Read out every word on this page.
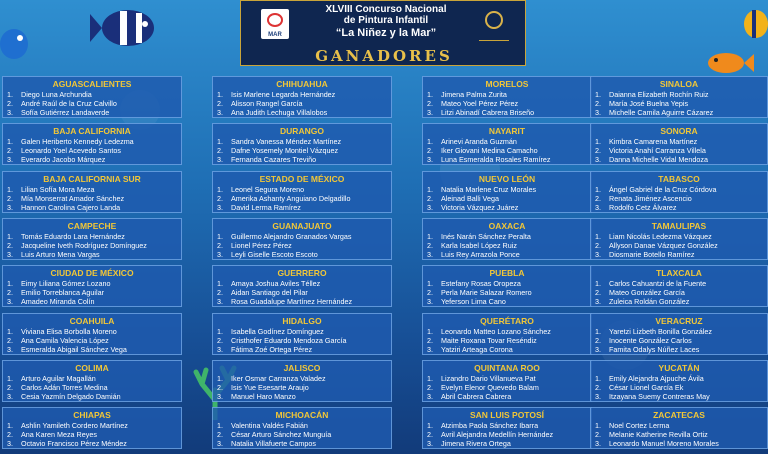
MAR
XLVIII Concurso Nacional
de Pintura Infantil
“La Niñez y la Mar”
GANADORES
AGUASCALIENTES
1. Diego Luna Archundia
2. André Raúl de la Cruz Calvillo
3. Sofía Gutiérrez Landaverde
BAJA CALIFORNIA
1. Galen Heriberto Kennedy Ledezma
2. Leonardo Yoel Acevedo Santos
3. Everardo Jacobo Márquez
BAJA CALIFORNIA SUR
1. Lilian Sofía Mora Meza
2. Mía Monserrat Amador Sánchez
3. Hannon Carolina Cajero Landa
CAMPECHE
1. Tomás Eduardo Lara Hernández
2. Jacqueline Iveth Rodríguez Domínguez
3. Luis Arturo Mena Vargas
CIUDAD DE MÉXICO
1. Eimy Liliana Gómez Lozano
2. Emilio Torreblanca Aguilar
3. Amadeo Miranda Colín
COAHUILA
1. Viviana Elisa Borbolla Moreno
2. Ana Camila Valencia López
3. Esmeralda Abigail Sánchez Vega
COLIMA
1. Arturo Aguilar Magallán
2. Carlos Adán Torres Medina
3. Cesia Yazmín Delgado Damián
CHIAPAS
1. Ashlin Yamileth Cordero Martínez
2. Ana Karen Meza Reyes
3. Octavio Francisco Pérez Méndez
CHIHUAHUA
1. Isis Marlene Legarda Hernández
2. Alisson Rangel García
3. Ana Judith Lechuga Villalobos
DURANGO
1. Sandra Vanessa Méndez Martínez
2. Dafne Yosemely Montiel Vázquez
3. Fernanda Cazares Treviño
ESTADO DE MÉXICO
1. Leonel Segura Moreno
2. Amerika Ashanty Anguiano Delgadillo
3. David Lerma Ramírez
GUANAJUATO
1. Guillermo Alejandro Granados Vargas
2. Lionel Pérez Pérez
3. Leyli Giselle Escoto Escoto
GUERRERO
1. Amaya Joshua Aviles Téllez
2. Aidan Santiago del Pilar
3. Rosa Guadalupe Martínez Hernández
HIDALGO
1. Isabella Godínez Domínguez
2. Cristhofer Eduardo Mendoza García
3. Fátima Zoé Ortega Pérez
JALISCO
1. Iker Osmar Carranza Valadez
2. Isis Yue Esesarte Araujo
3. Manuel Haro Manzo
MICHOACÁN
1. Valentina Valdés Fabián
2. César Arturo Sánchez Munguía
3. Natalia Villafuerte Campos
MORELOS
1. Jimena Palma Zurita
2. Mateo Yoel Pérez Pérez
3. Litzi Abinadí Cabrera Briseño
NAYARIT
1. Arinevi Aranda Guzmán
2. Iker Giovani Medina Camacho
3. Luna Esmeralda Rosales Ramírez
NUEVO LEÓN
1. Natalia Marlene Cruz Morales
2. Aleinad Balli Vega
3. Victoria Vázquez Juárez
OAXACA
1. Inés Narán Sánchez Peralta
2. Karla Isabel López Ruiz
3. Luis Rey Arrazola Ponce
PUEBLA
1. Estefany Rosas Oropeza
2. Perla Marie Salazar Romero
3. Yeferson Lima Cano
QUERÉTARO
1. Leonardo Matteo Lozano Sánchez
2. Maite Roxana Tovar Reséndiz
3. Yatziri Arteaga Corona
QUINTANA ROO
1. Lizandro Dario Villanueva Pat
2. Evelyn Elenor Quevedo Balam
3. Abril Cabrera Cabrera
SAN LUIS POTOSÍ
1. Atzimba Paola Sánchez Ibarra
2. Avril Alejandra Medellín Hernández
3. Jimena Rivera Ortega
SINALOA
1. Daianna Elizabeth Rochín Ruiz
2. María José Buelna Yepis
3. Michelle Camila Aguirre Cázarez
SONORA
1. Kimbra Camarena Martínez
2. Victoria Anahí Carranza Villela
3. Danna Michelle Vidal Mendoza
TABASCO
1. Ángel Gabriel de la Cruz Córdova
2. Renata Jiménez Ascencio
3. Rodolfo Cetz Álvarez
TAMAULIPAS
1. Liam Nicolás Ledezma Vázquez
2. Allyson Danae Vázquez González
3. Diosmarie Botello Ramírez
TLAXCALA
1. Carlos Cahuantzi de la Fuente
2. Mateo González García
3. Zuleica Roldán González
VERACRUZ
1. Yaretzi Lizbeth Bonilla González
2. Inocente González Carlos
3. Famita Odalys Núñez Laces
YUCATÁN
1. Emily Alejandra Ajpuche Ávila
2. César Lionel García Ek
3. Itzayana Suemy Contreras May
ZACATECAS
1. Noel Cortez Lerma
2. Melanie Katherine Revilla Ortiz
3. Leonardo Manuel Moreno Morales
